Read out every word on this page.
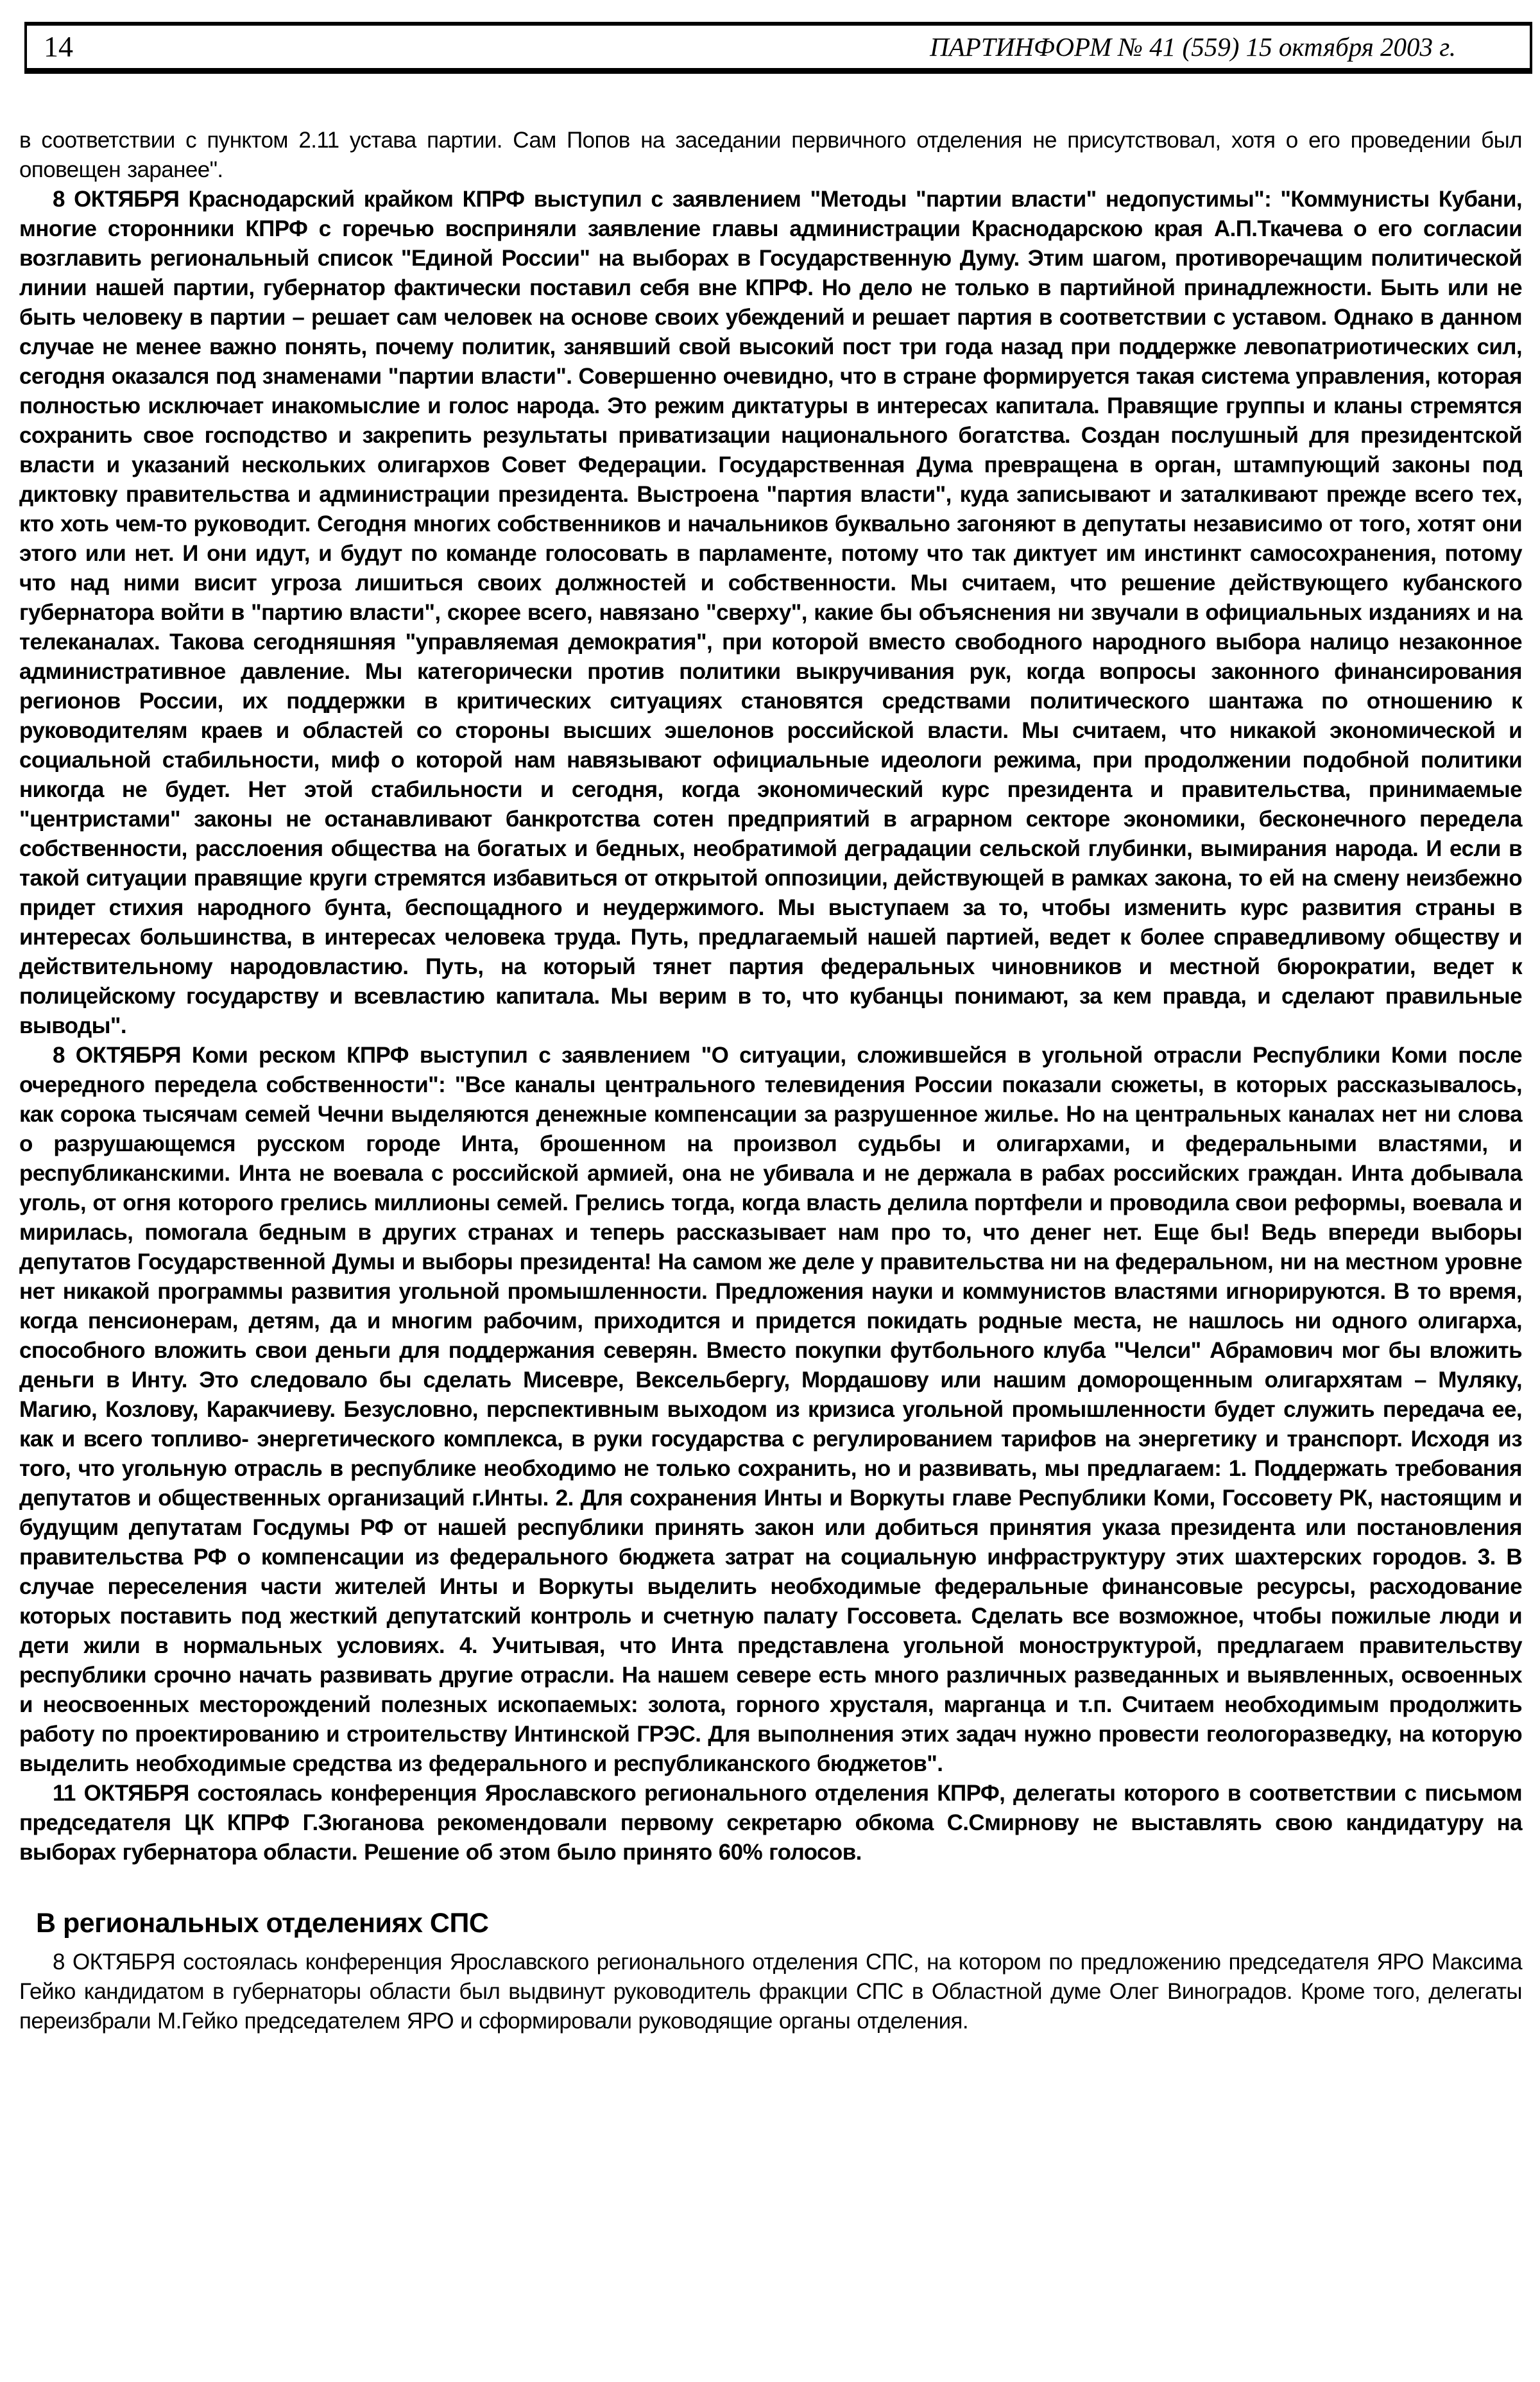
14	ПАРТИНФОРМ № 41 (559) 15 октября 2003 г.

в соответствии с пунктом 2.11 устава партии. Сам Попов на заседании первичного отделения не присутствовал, хотя о его проведении был оповещен заранее".

8 ОКТЯБРЯ Краснодарский крайком КПРФ выступил с заявлением "Методы "партии власти" недопустимы": "Коммунисты Кубани, многие сторонники КПРФ с горечью восприняли заявление главы администрации Краснодарскою края А.П.Ткачева о его согласии возглавить региональный список "Единой России" на выборах в Государственную Думу. Этим шагом, противоречащим политической линии нашей партии, губернатор фактически поставил себя вне КПРФ. Но дело не только в партийной принадлежности. Быть или не быть человеку в партии – решает сам человек на основе своих убеждений и решает партия в соответствии с уставом. Однако в данном случае не менее важно понять, почему политик, занявший свой высокий пост три года назад при поддержке левопатриотических сил, сегодня оказался под знаменами "партии власти". Совершенно очевидно, что в стране формируется такая система управления, которая полностью исключает инакомыслие и голос народа. Это режим диктатуры в интересах капитала. Правящие группы и кланы стремятся сохранить свое господство и закрепить результаты приватизации национального богатства. Создан послушный для президентской власти и указаний нескольких олигархов Совет Федерации. Государственная Дума превращена в орган, штампующий законы под диктовку правительства и администрации президента. Выстроена "партия власти", куда записывают и заталкивают прежде всего тех, кто хоть чем-то руководит. Сегодня многих собственников и начальников буквально загоняют в депутаты независимо от того, хотят они этого или нет. И они идут, и будут по команде голосовать в парламенте, потому что так диктует им инстинкт самосохранения, потому что над ними висит угроза лишиться своих должностей и собственности. Мы считаем, что решение действующего кубанского губернатора войти в "партию власти", скорее всего, навязано "сверху", какие бы объяснения ни звучали в официальных изданиях и на телеканалах. Такова сегодняшняя "управляемая демократия", при которой вместо свободного народного выбора налицо незаконное административное давление. Мы категорически против политики выкручивания рук, когда вопросы законного финансирования регионов России, их поддержки в критических ситуациях становятся средствами политического шантажа по отношению к руководителям краев и областей со стороны высших эшелонов российской власти. Мы считаем, что никакой экономической и социальной стабильности, миф о которой нам навязывают официальные идеологи режима, при продолжении подобной политики никогда не будет. Нет этой стабильности и сегодня, когда экономический курс президента и правительства, принимаемые "центристами" законы не останавливают банкротства сотен предприятий в аграрном секторе экономики, бесконечного передела собственности, расслоения общества на богатых и бедных, необратимой деградации сельской глубинки, вымирания народа. И если в такой ситуации правящие круги стремятся избавиться от открытой оппозиции, действующей в рамках закона, то ей на смену неизбежно придет стихия народного бунта, беспощадного и неудержимого. Мы выступаем за то, чтобы изменить курс развития страны в интересах большинства, в интересах человека труда. Путь, предлагаемый нашей партией, ведет к более справедливому обществу и действительному народовластию. Путь, на который тянет партия федеральных чиновников и местной бюрократии, ведет к полицейскому государству и всевластию капитала. Мы верим в то, что кубанцы понимают, за кем правда, и сделают правильные выводы".

8 ОКТЯБРЯ Коми реском КПРФ выступил с заявлением "О ситуации, сложившейся в угольной отрасли Республики Коми после очередного передела собственности": "Все каналы центрального телевидения России показали сюжеты, в которых рассказывалось, как сорока тысячам семей Чечни выделяются денежные компенсации за разрушенное жилье. Но на центральных каналах нет ни слова о разрушающемся русском городе Инта, брошенном на произвол судьбы и олигархами, и федеральными властями, и республиканскими. Инта не воевала с российской армией, она не убивала и не держала в рабах российских граждан. Инта добывала уголь, от огня которого грелись миллионы семей. Грелись тогда, когда власть делила портфели и проводила свои реформы, воевала и мирилась, помогала бедным в других странах и теперь рассказывает нам про то, что денег нет. Еще бы! Ведь впереди выборы депутатов Государственной Думы и выборы президента! На самом же деле у правительства ни на федеральном, ни на местном уровне нет никакой программы развития угольной промышленности. Предложения науки и коммунистов властями игнорируются. В то время, когда пенсионерам, детям, да и многим рабочим, приходится и придется покидать родные места, не нашлось ни одного олигарха, способного вложить свои деньги для поддержания северян. Вместо покупки футбольного клуба "Челси" Абрамович мог бы вложить деньги в Инту. Это следовало бы сделать Мисевре, Вексельбергу, Мордашову или нашим доморощенным олигархятам – Муляку, Магию, Козлову, Каракчиеву. Безусловно, перспективным выходом из кризиса угольной промышленности будет служить передача ее, как и всего топливо- энергетического комплекса, в руки государства с регулированием тарифов на энергетику и транспорт. Исходя из того, что угольную отрасль в республике необходимо не только сохранить, но и развивать, мы предлагаем: 1. Поддержать требования депутатов и общественных организаций г.Инты. 2. Для сохранения Инты и Воркуты главе Республики Коми, Госсовету РК, настоящим и будущим депутатам Госдумы РФ от нашей республики принять закон или добиться принятия указа президента или постановления правительства РФ о компенсации из федерального бюджета затрат на социальную инфраструктуру этих шахтерских городов. 3. В случае переселения части жителей Инты и Воркуты выделить необходимые федеральные финансовые ресурсы, расходование которых поставить под жесткий депутатский контроль и счетную палату Госсовета. Сделать все возможное, чтобы пожилые люди и дети жили в нормальных условиях. 4. Учитывая, что Инта представлена угольной моноструктурой, предлагаем правительству республики срочно начать развивать другие отрасли. На нашем севере есть много различных разведанных и выявленных, освоенных и неосвоенных месторождений полезных ископаемых: золота, горного хрусталя, марганца и т.п. Считаем необходимым продолжить работу по проектированию и строительству Интинской ГРЭС. Для выполнения этих задач нужно провести геологоразведку, на которую выделить необходимые средства из федерального и республиканского бюджетов".

11 ОКТЯБРЯ состоялась конференция Ярославского регионального отделения КПРФ, делегаты которого в соответствии с письмом председателя ЦК КПРФ Г.Зюганова рекомендовали первому секретарю обкома С.Смирнову не выставлять свою кандидатуру на выборах губернатора области. Решение об этом было принято 60% голосов.

В региональных отделениях СПС

8 ОКТЯБРЯ состоялась конференция Ярославского регионального отделения СПС, на котором по предложению председателя ЯРО Максима Гейко кандидатом в губернаторы области был выдвинут руководитель фракции СПС в Областной думе Олег Виноградов. Кроме того, делегаты переизбрали М.Гейко председателем ЯРО и сформировали руководящие органы отделения.
